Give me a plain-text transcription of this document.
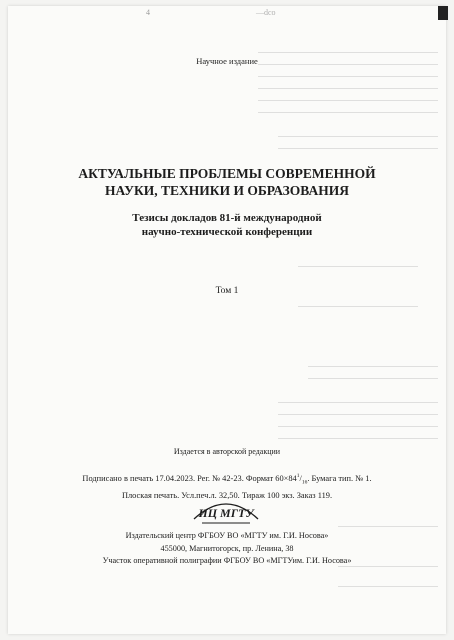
4	—dco
Научное издание
АКТУАЛЬНЫЕ ПРОБЛЕМЫ СОВРЕМЕННОЙ
НАУКИ, ТЕХНИКИ И ОБРАЗОВАНИЯ
Тезисы докладов 81-й международной
научно-технической конференции
Том 1
Издается в авторской редакции
Подписано в печать 17.04.2023. Рег. № 42-23. Формат $60\times 84^1/_{16}$. Бумага тип. № 1.
Плоская печать. Усл.печ.л. 32,50. Тираж 100 экз. Заказ 119.
ИЦ МГТУ
Издательский центр ФГБОУ ВО «МГТУ им. Г.И. Носова»
455000, Магнитогорск, пр. Ленина, 38
Участок оперативной полиграфии ФГБОУ ВО «МГТУим. Г.И. Носова»
